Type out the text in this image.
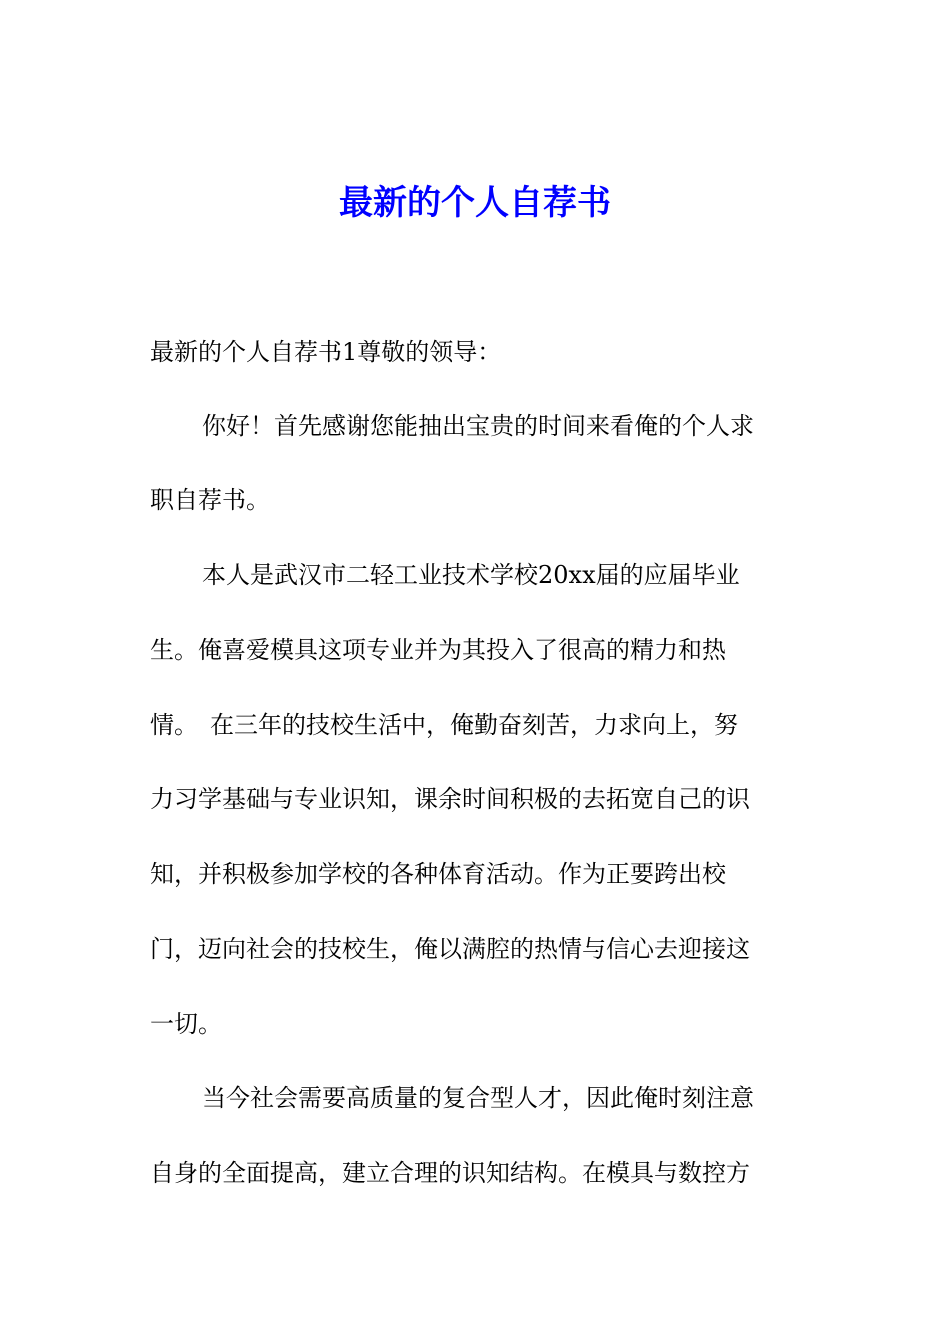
最新的个人自荐书

最新的个人自荐书1尊敬的领导：

你好！首先感谢您能抽出宝贵的时间来看俺的个人求

职自荐书。

本人是武汉市二轻工业技术学校20xx届的应届毕业

生。俺喜爱模具这项专业并为其投入了很高的精力和热

情。　在三年的技校生活中，俺勤奋刻苦，力求向上，努

力习学基础与专业识知，课余时间积极的去拓宽自己的识

知，并积极参加学校的各种体育活动。作为正要跨出校

门，迈向社会的技校生，俺以满腔的热情与信心去迎接这

一切。

当今社会需要高质量的复合型人才，因此俺时刻注意

自身的全面提高，建立合理的识知结构。在模具与数控方
